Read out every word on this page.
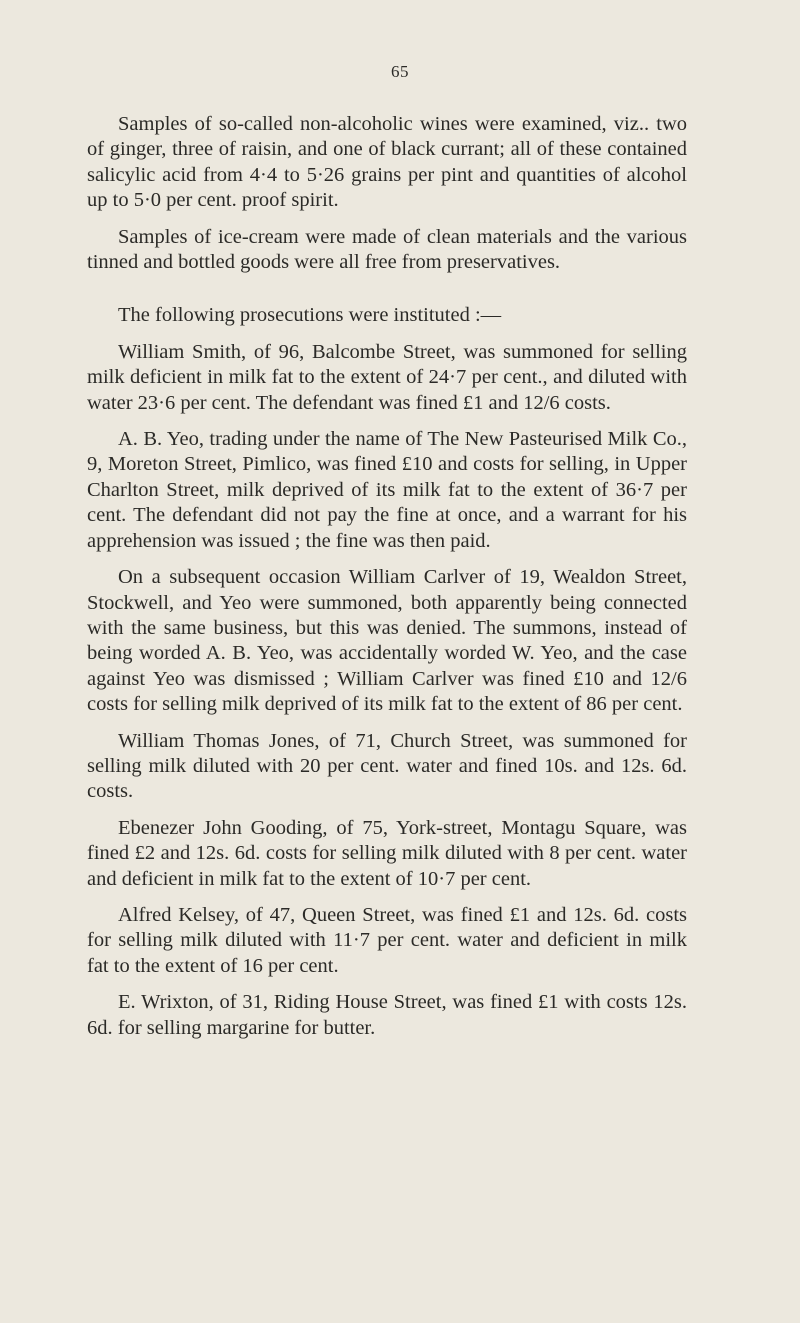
65

Samples of so-called non-alcoholic wines were examined, viz.. two of ginger, three of raisin, and one of black currant; all of these contained salicylic acid from 4·4 to 5·26 grains per pint and quantities of alcohol up to 5·0 per cent. proof spirit.

Samples of ice-cream were made of clean materials and the various tinned and bottled goods were all free from preservatives.

The following prosecutions were instituted :—

William Smith, of 96, Balcombe Street, was summoned for selling milk deficient in milk fat to the extent of 24·7 per cent., and diluted with water 23·6 per cent. The defendant was fined £1 and 12/6 costs.

A. B. Yeo, trading under the name of The New Pasteurised Milk Co., 9, Moreton Street, Pimlico, was fined £10 and costs for selling, in Upper Charlton Street, milk deprived of its milk fat to the extent of 36·7 per cent. The defendant did not pay the fine at once, and a warrant for his apprehension was issued ; the fine was then paid.

On a subsequent occasion William Carlver of 19, Wealdon Street, Stockwell, and Yeo were summoned, both apparently being connected with the same business, but this was denied. The summons, instead of being worded A. B. Yeo, was accidentally worded W. Yeo, and the case against Yeo was dismissed ; William Carlver was fined £10 and 12/6 costs for selling milk deprived of its milk fat to the extent of 86 per cent.

William Thomas Jones, of 71, Church Street, was summoned for selling milk diluted with 20 per cent. water and fined 10s. and 12s. 6d. costs.

Ebenezer John Gooding, of 75, York-street, Montagu Square, was fined £2 and 12s. 6d. costs for selling milk diluted with 8 per cent. water and deficient in milk fat to the extent of 10·7 per cent.

Alfred Kelsey, of 47, Queen Street, was fined £1 and 12s. 6d. costs for selling milk diluted with 11·7 per cent. water and deficient in milk fat to the extent of 16 per cent.

E. Wrixton, of 31, Riding House Street, was fined £1 with costs 12s. 6d. for selling margarine for butter.
